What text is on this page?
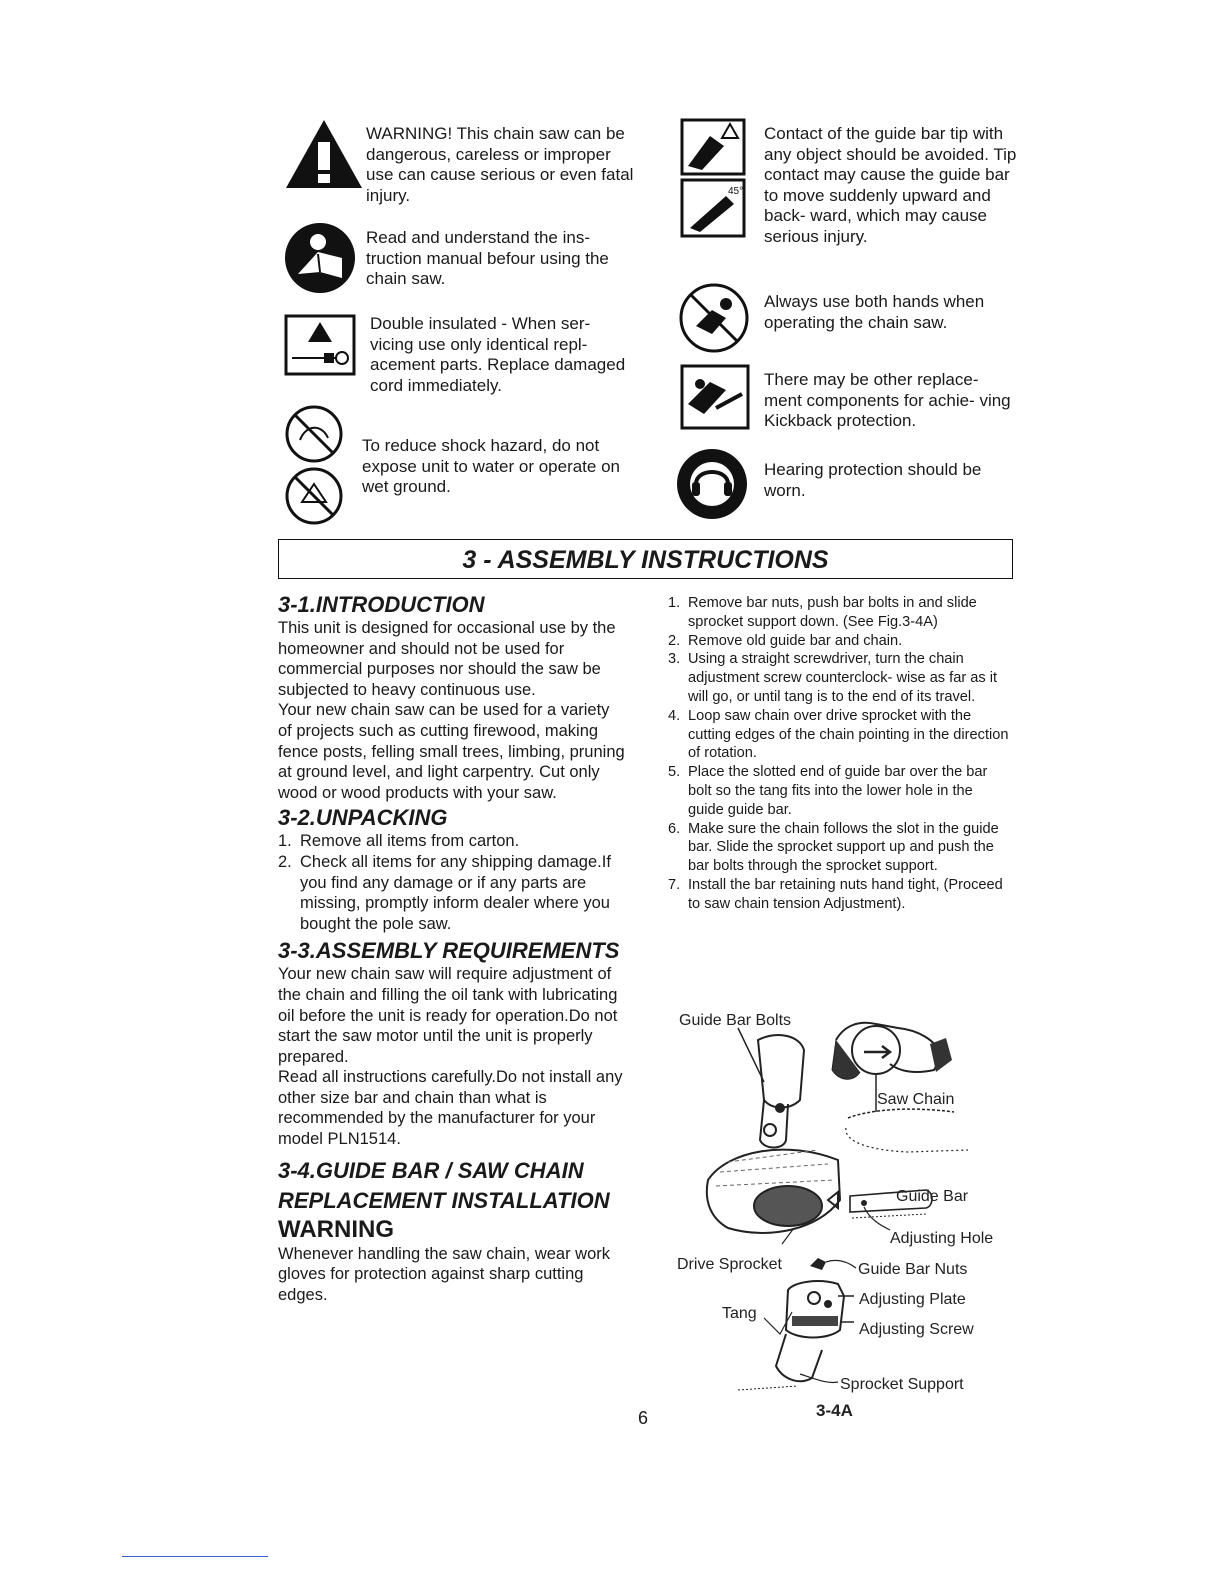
WARNING! This chain saw can be dangerous, careless or improper use can cause serious or even fatal injury.
Read and understand the ins- truction manual befour using the chain saw.
Double insulated - When ser- vicing use only identical repl- acement parts. Replace damaged cord immediately.
To reduce shock hazard, do not expose unit to water or operate on wet ground.
45°
Contact of the guide bar tip with any object should be avoided. Tip contact may cause the guide bar to move suddenly upward and back- ward, which may cause serious injury.
Always use both hands when operating the chain saw.
There may be other replace- ment components for achie- ving Kickback protection.
Hearing protection should be worn.
3 - ASSEMBLY INSTRUCTIONS
3-1.INTRODUCTION

This unit is designed for occasional use by the homeowner and should not be used for commercial purposes nor should the saw be subjected to heavy continuous use.

Your new chain saw can be used for a variety of projects such as cutting firewood, making fence posts, felling small trees, limbing, pruning at ground level, and light carpentry. Cut only wood or wood products with your saw.

3-2.UNPACKING
1. Remove all items from carton.
2. Check all items for any shipping damage.If you find any damage or if any parts are missing, promptly inform dealer where you bought the pole saw.
3-3.ASSEMBLY REQUIREMENTS

Your new chain saw will require adjustment of the chain and filling the oil tank with lubricating oil before the unit is ready for operation.Do not start the saw motor until the unit is properly prepared.

Read all instructions carefully.Do not install any other size bar and chain than what is recommended by the manufacturer for your model PLN1514.

3-4.GUIDE BAR / SAW CHAIN
REPLACEMENT INSTALLATION
WARNING
Whenever handling the saw chain, wear work gloves for protection against sharp cutting edges.
1. Remove bar nuts, push bar bolts in and slide sprocket support down. (See Fig.3-4A)
2. Remove old guide bar and chain.
3. Using a straight screwdriver, turn the chain adjustment screw counterclock- wise as far as it will go, or until tang is to the end of its travel.
4. Loop saw chain over drive sprocket with the cutting edges of the chain pointing in the direction of rotation.
5. Place the slotted end of guide bar over the bar bolt so the tang fits into the lower hole in the guide guide bar.
6. Make sure the chain follows the slot in the guide bar. Slide the sprocket support up and push the bar bolts through the sprocket support.
7. Install the bar retaining nuts hand tight, (Proceed to saw chain tension Adjustment).
Guide Bar Bolts
Saw Chain
Guide Bar
Adjusting Hole
Drive Sprocket	Guide Bar Nuts
Tang
Adjusting Plate
Adjusting Screw
Sprocket Support
3-4A
6
